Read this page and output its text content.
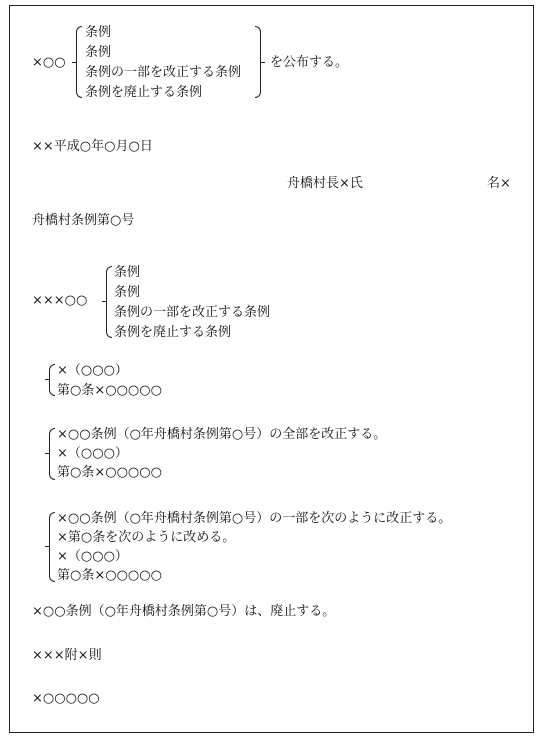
×○○
条例
条例
条例の一部を改正する条例
条例を廃止する条例
を公布する。
××平成○年○月○日
舟橋村長×氏	名×
舟橋村条例第○号
×××○○
条例
条例
条例の一部を改正する条例
条例を廃止する条例
×（○○○）
第○条×○○○○○
×○○条例（○年舟橋村条例第○号）の全部を改正する。
×（○○○）
第○条×○○○○○
×○○条例（○年舟橋村条例第○号）の一部を次のように改正する。
×第○条を次のように改める。
×（○○○）
第○条×○○○○○
×○○条例（○年舟橋村条例第○号）は、廃止する。
×××附×則
×○○○○○
